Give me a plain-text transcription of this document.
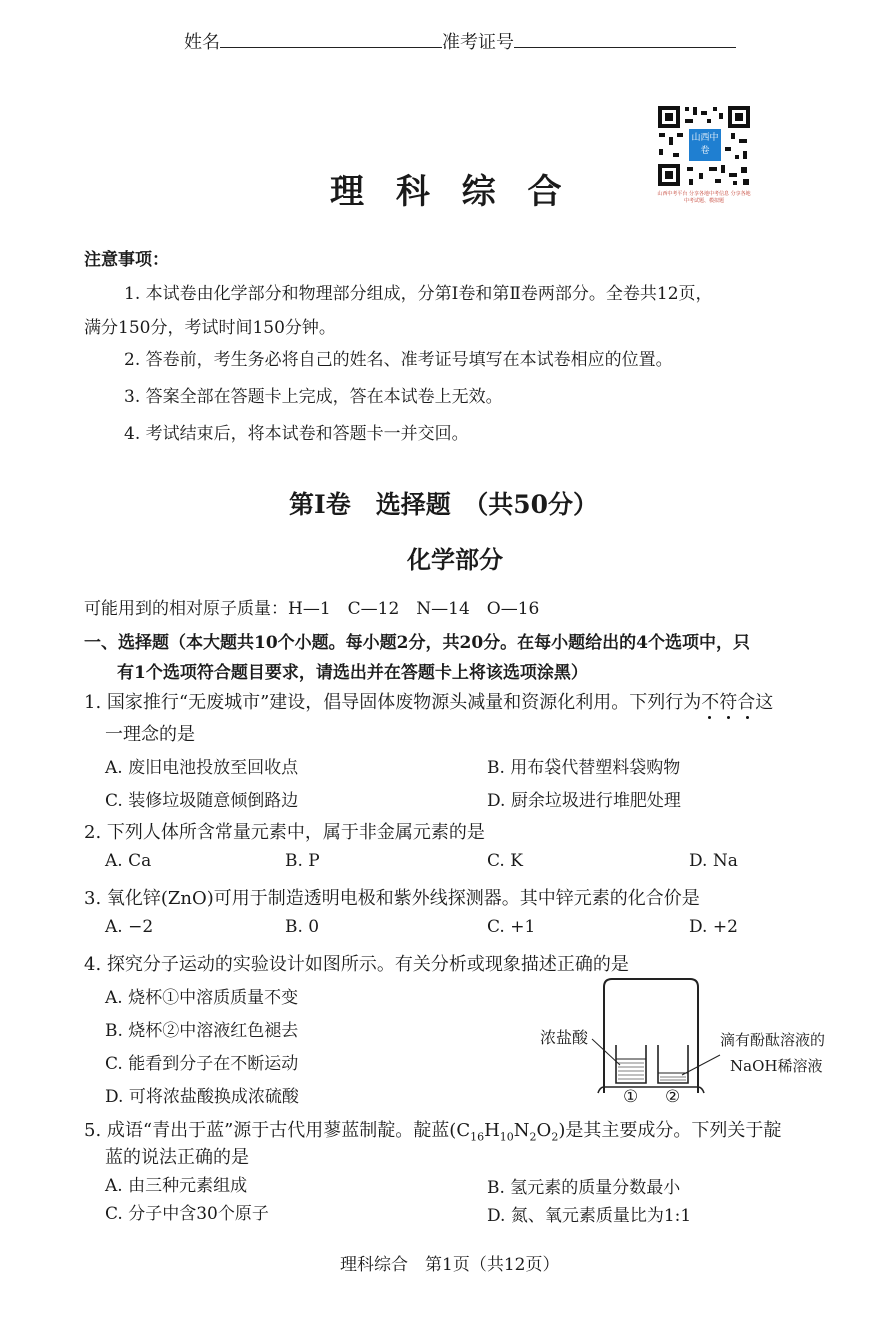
姓名	准考证号
理 科 综 合
山西中卷
山西中考平台 分享各地中考信息 分享各地中考试题、模拟题
注意事项：
1. 本试卷由化学部分和物理部分组成，分第Ⅰ卷和第Ⅱ卷两部分。全卷共12页，
满分150分，考试时间150分钟。
2. 答卷前，考生务必将自己的姓名、准考证号填写在本试卷相应的位置。
3. 答案全部在答题卡上完成，答在本试卷上无效。
4. 考试结束后，将本试卷和答题卡一并交回。
第Ⅰ卷　选择题　（共50分）
化学部分
可能用到的相对原子质量：H—1　C—12　N—14　O—16
一、选择题（本大题共10个小题。每小题2分，共20分。在每小题给出的4个选项中，只
有1个选项符合题目要求，请选出并在答题卡上将该选项涂黑）
1. 国家推行“无废城市”建设，倡导固体废物源头减量和资源化利用。下列行为不符合
这
一理念的是
A. 废旧电池投放至回收点	B. 用布袋代替塑料袋购物
C. 装修垃圾随意倾倒路边	D. 厨余垃圾进行堆肥处理
2. 下列人体所含常量元素中，属于非金属元素的是
A. Ca	B. P	C. K	D. Na
3. 氧化锌(ZnO)可用于制造透明电极和紫外线探测器。其中锌元素的化合价是
A. −2	B. 0	C. +1	D. +2
4. 探究分子运动的实验设计如图所示。有关分析或现象描述正确的是
A. 烧杯①中溶质质量不变
B. 烧杯②中溶液红色褪去
C. 能看到分子在不断运动
D. 可将浓盐酸换成浓硫酸
浓盐酸	滴有酚酞溶液的
NaOH稀溶液
① ②
5. 成语“青出于蓝”源于古代用蓼蓝制靛。靛蓝$(C_{16}H_{10}N_2O_2)$是其主要成分。下列关于靛
蓝的说法正确的是
A. 由三种元素组成	B. 氢元素的质量分数最小
C. 分子中含30个原子	D. 氮、氧元素质量比为1:1
理科综合　第1页（共12页）
